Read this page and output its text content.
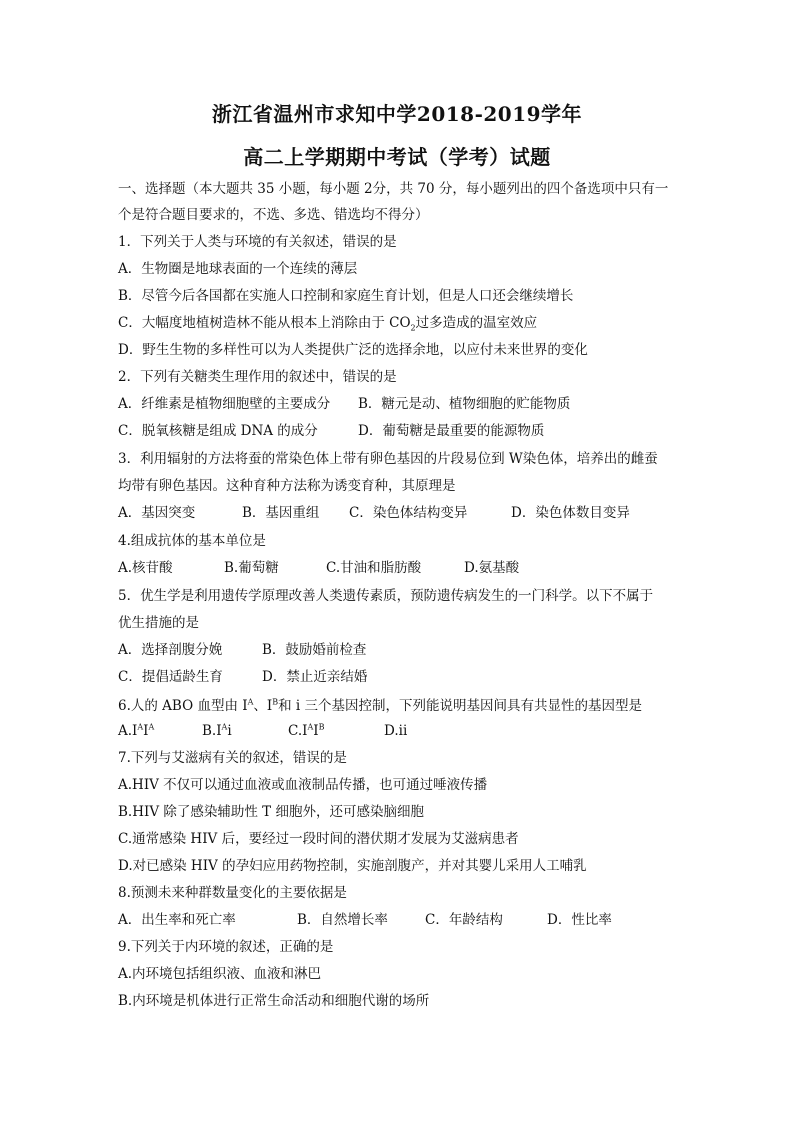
浙江省温州市求知中学2018-2019学年
高二上学期期中考试（学考）试题
一、选择题（本大题共 35 小题，每小题 2分，共 70 分，每小题列出的四个备选项中只有一
个是符合题目要求的，不选、多选、错选均不得分）
1．下列关于人类与环境的有关叙述，错误的是
A．生物圈是地球表面的一个连续的薄层
B．尽管今后各国都在实施人口控制和家庭生育计划，但是人口还会继续增长
C．大幅度地植树造林不能从根本上消除由于 $CO_2$过多造成的温室效应
D．野生生物的多样性可以为人类提供广泛的选择余地，以应付未来世界的变化
2．下列有关糖类生理作用的叙述中，错误的是
A．纤维素是植物细胞壁的主要成分 B．糖元是动、植物细胞的贮能物质
C．脱氧核糖是组成 DNA 的成分	D．葡萄糖是最重要的能源物质
3．利用辐射的方法将蚕的常染色体上带有卵色基因的片段易位到 W染色体，培养出的雌蚕
均带有卵色基因。这种育种方法称为诱变育种，其原理是
A．基因突变	B．基因重组 C．染色体结构变异	D．染色体数目变异
4.组成抗体的基本单位是
A.核苷酸	B.葡萄糖	C.甘油和脂肪酸	D.氨基酸
5．优生学是利用遗传学原理改善人类遗传素质，预防遗传病发生的一门科学。以下不属于
优生措施的是
A．选择剖腹分娩	B．鼓励婚前检查
C．提倡适龄生育	D．禁止近亲结婚
6.人的 ABO 血型由 $I^A$、$I^B$和 i 三个基因控制，下列能说明基因间具有共显性的基因型是
$A.I^AI^A$	$B.I^Ai$	$C.I^AI^B$	D.ii
7.下列与艾滋病有关的叙述，错误的是
A.HIV 不仅可以通过血液或血液制品传播，也可通过唾液传播
B.HIV 除了感染辅助性 T 细胞外，还可感染脑细胞
C.通常感染 HIV 后，要经过一段时间的潜伏期才发展为艾滋病患者
D.对已感染 HIV 的孕妇应用药物控制，实施剖腹产，并对其婴儿采用人工哺乳
8.预测未来种群数量变化的主要依据是
A．出生率和死亡率	B．自然增长率	C．年龄结构	D．性比率
9.下列关于内环境的叙述，正确的是
A.内环境包括组织液、血液和淋巴
B.内环境是机体进行正常生命活动和细胞代谢的场所
